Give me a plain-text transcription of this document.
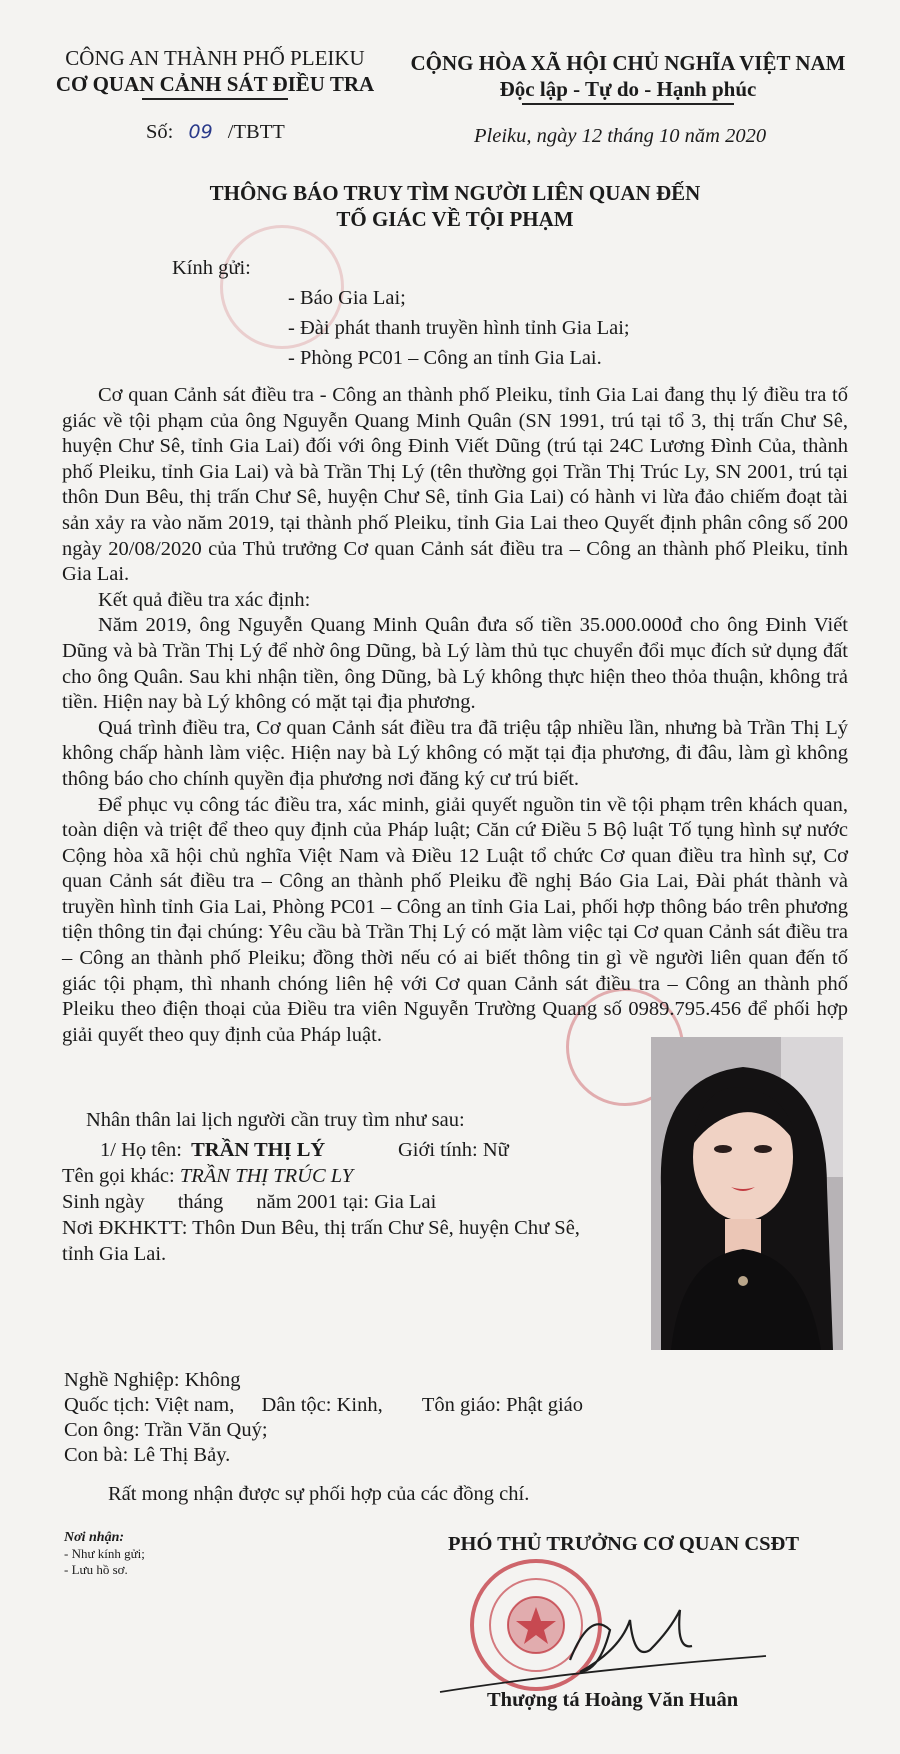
CÔNG AN THÀNH PHỐ PLEIKU
CƠ QUAN CẢNH SÁT ĐIỀU TRA
CỘNG HÒA XÃ HỘI CHỦ NGHĨA VIỆT NAM
Độc lập - Tự do - Hạnh phúc
Số: 09 /TBTT	Pleiku, ngày 12 tháng 10 năm 2020
THÔNG BÁO TRUY TÌM NGƯỜI LIÊN QUAN ĐẾN
TỐ GIÁC VỀ TỘI PHẠM
Kính gửi:
- Báo Gia Lai;
- Đài phát thanh truyền hình tỉnh Gia Lai;
- Phòng PC01 – Công an tỉnh Gia Lai.

Cơ quan Cảnh sát điều tra - Công an thành phố Pleiku, tỉnh Gia Lai đang thụ lý điều tra tố giác về tội phạm của ông Nguyễn Quang Minh Quân (SN 1991, trú tại tổ 3, thị trấn Chư Sê, huyện Chư Sê, tỉnh Gia Lai) đối với ông Đinh Viết Dũng (trú tại 24C Lương Đình Của, thành phố Pleiku, tỉnh Gia Lai) và bà Trần Thị Lý (tên thường gọi Trần Thị Trúc Ly, SN 2001, trú tại thôn Dun Bêu, thị trấn Chư Sê, huyện Chư Sê, tỉnh Gia Lai) có hành vi lừa đảo chiếm đoạt tài sản xảy ra vào năm 2019, tại thành phố Pleiku, tỉnh Gia Lai theo Quyết định phân công số 200 ngày 20/08/2020 của Thủ trưởng Cơ quan Cảnh sát điều tra – Công an thành phố Pleiku, tỉnh Gia Lai.

Kết quả điều tra xác định:

Năm 2019, ông Nguyễn Quang Minh Quân đưa số tiền 35.000.000đ cho ông Đinh Viết Dũng và bà Trần Thị Lý để nhờ ông Dũng, bà Lý làm thủ tục chuyển đổi mục đích sử dụng đất cho ông Quân. Sau khi nhận tiền, ông Dũng, bà Lý không thực hiện theo thỏa thuận, không trả tiền. Hiện nay bà Lý không có mặt tại địa phương.

Quá trình điều tra, Cơ quan Cảnh sát điều tra đã triệu tập nhiều lần, nhưng bà Trần Thị Lý không chấp hành làm việc. Hiện nay bà Lý không có mặt tại địa phương, đi đâu, làm gì không thông báo cho chính quyền địa phương nơi đăng ký cư trú biết.

Để phục vụ công tác điều tra, xác minh, giải quyết nguồn tin về tội phạm trên khách quan, toàn diện và triệt để theo quy định của Pháp luật; Căn cứ Điều 5 Bộ luật Tố tụng hình sự nước Cộng hòa xã hội chủ nghĩa Việt Nam và Điều 12 Luật tổ chức Cơ quan điều tra hình sự, Cơ quan Cảnh sát điều tra – Công an thành phố Pleiku đề nghị Báo Gia Lai, Đài phát thành và truyền hình tỉnh Gia Lai, Phòng PC01 – Công an tỉnh Gia Lai, phối hợp thông báo trên phương tiện thông tin đại chúng: Yêu cầu bà Trần Thị Lý có mặt làm việc tại Cơ quan Cảnh sát điều tra – Công an thành phố Pleiku; đồng thời nếu có ai biết thông tin gì về người liên quan đến tố giác tội phạm, thì nhanh chóng liên hệ với Cơ quan Cảnh sát điều tra – Công an thành phố Pleiku theo điện thoại của Điều tra viên Nguyễn Trường Quang số 0989.795.456 để phối hợp giải quyết theo quy định của Pháp luật.

Nhân thân lai lịch người cần truy tìm như sau:
1/ Họ tên: TRẦN THỊ LÝ	Giới tính: Nữ
Tên gọi khác: TRẦN THỊ TRÚC LY
Sinh ngày tháng năm 2001 tại: Gia Lai
Nơi ĐKHKTT: Thôn Dun Bêu, thị trấn Chư Sê, huyện Chư Sê,
tỉnh Gia Lai.
Nghề Nghiệp: Không
Quốc tịch: Việt nam, Dân tộc: Kinh, Tôn giáo: Phật giáo
Con ông: Trần Văn Quý;
Con bà: Lê Thị Bảy.
Rất mong nhận được sự phối hợp của các đồng chí.
Nơi nhận:
- Như kính gửi;
- Lưu hồ sơ.
PHÓ THỦ TRƯỞNG CƠ QUAN CSĐT
Thượng tá Hoàng Văn Huân
